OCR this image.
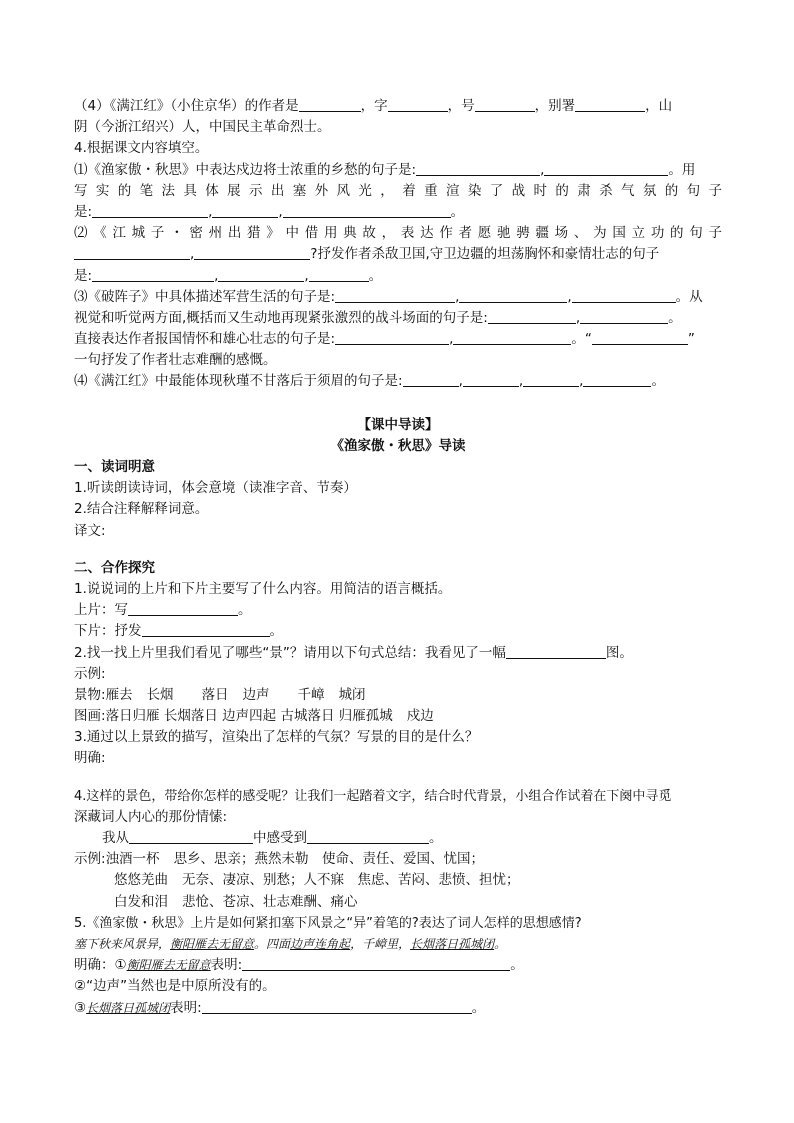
（4）《满江红》（小住京华）的作者是	，字	，号	，别署	，山
阴（今浙江绍兴）人，中国民主革命烈士。
4.根据课文内容填空。
⑴《渔家傲・秋思》中表达戍边将士浓重的乡愁的句子是:	,	。用
写实的笔法具体展示出塞外风光，着重渲染了战时的肃杀气氛的句子
是:	,	,	。
⑵《江城子・密州出猎》中借用典故，表达作者愿驰骋疆场、为国立功的句子
,	?抒发作者杀敌卫国,守卫边疆的坦荡胸怀和豪情壮志的句子
是:	,	,	。
⑶《破阵子》中具体描述军营生活的句子是:	,	,	。从
视觉和听觉两方面,概括而又生动地再现紧张激烈的战斗场面的句子是:	,	。
直接表达作者报国情怀和雄心壮志的句子是:	,	。“	”
一句抒发了作者壮志难酬的感慨。
⑷《满江红》中最能体现秋瑾不甘落后于须眉的句子是:	,	,	,	。
【课中导读】
《渔家傲・秋思》导读
一、读词明意
1.听读朗读诗词，体会意境（读准字音、节奏）
2.结合注释解释词意。
译文:
二、合作探究
1.说说词的上片和下片主要写了什么内容。用简洁的语言概括。
上片：写	。
下片：抒发	。
2.找一找上片里我们看见了哪些“景”？请用以下句式总结：我看见了一幅	图。
示例:
景物:雁去 长烟 落日 边声 千嶂 城闭
图画:落日归雁 长烟落日 边声四起 古城落日 归雁孤城 戍边
3.通过以上景致的描写，渲染出了怎样的气氛？写景的目的是什么？
明确:
4.这样的景色，带给你怎样的感受呢？让我们一起踏着文字，结合时代背景，小组合作试着在下阕中寻觅
深藏词人内心的那份情愫:
我从	中感受到	。
示例:浊酒一杯 思乡、思亲；燕然未勒　使命、责任、爱国、忧国；
悠悠羌曲 无奈、凄凉、别愁；人不寐　焦虑、苦闷、悲愤、担忧；
白发和泪 悲怆、苍凉、壮志难酬、痛心
5.《渔家傲・秋思》上片是如何紧扣塞下风景之“异”着笔的?表达了词人怎样的思想感情?
塞下秋来风景异，衡阳雁去无留意。四面边声连角起，千嶂里，长烟落日孤城闭。
明确：①衡阳雁去无留意表明:	。
②“边声”当然也是中原所没有的。
③长烟落日孤城闭表明:	。
